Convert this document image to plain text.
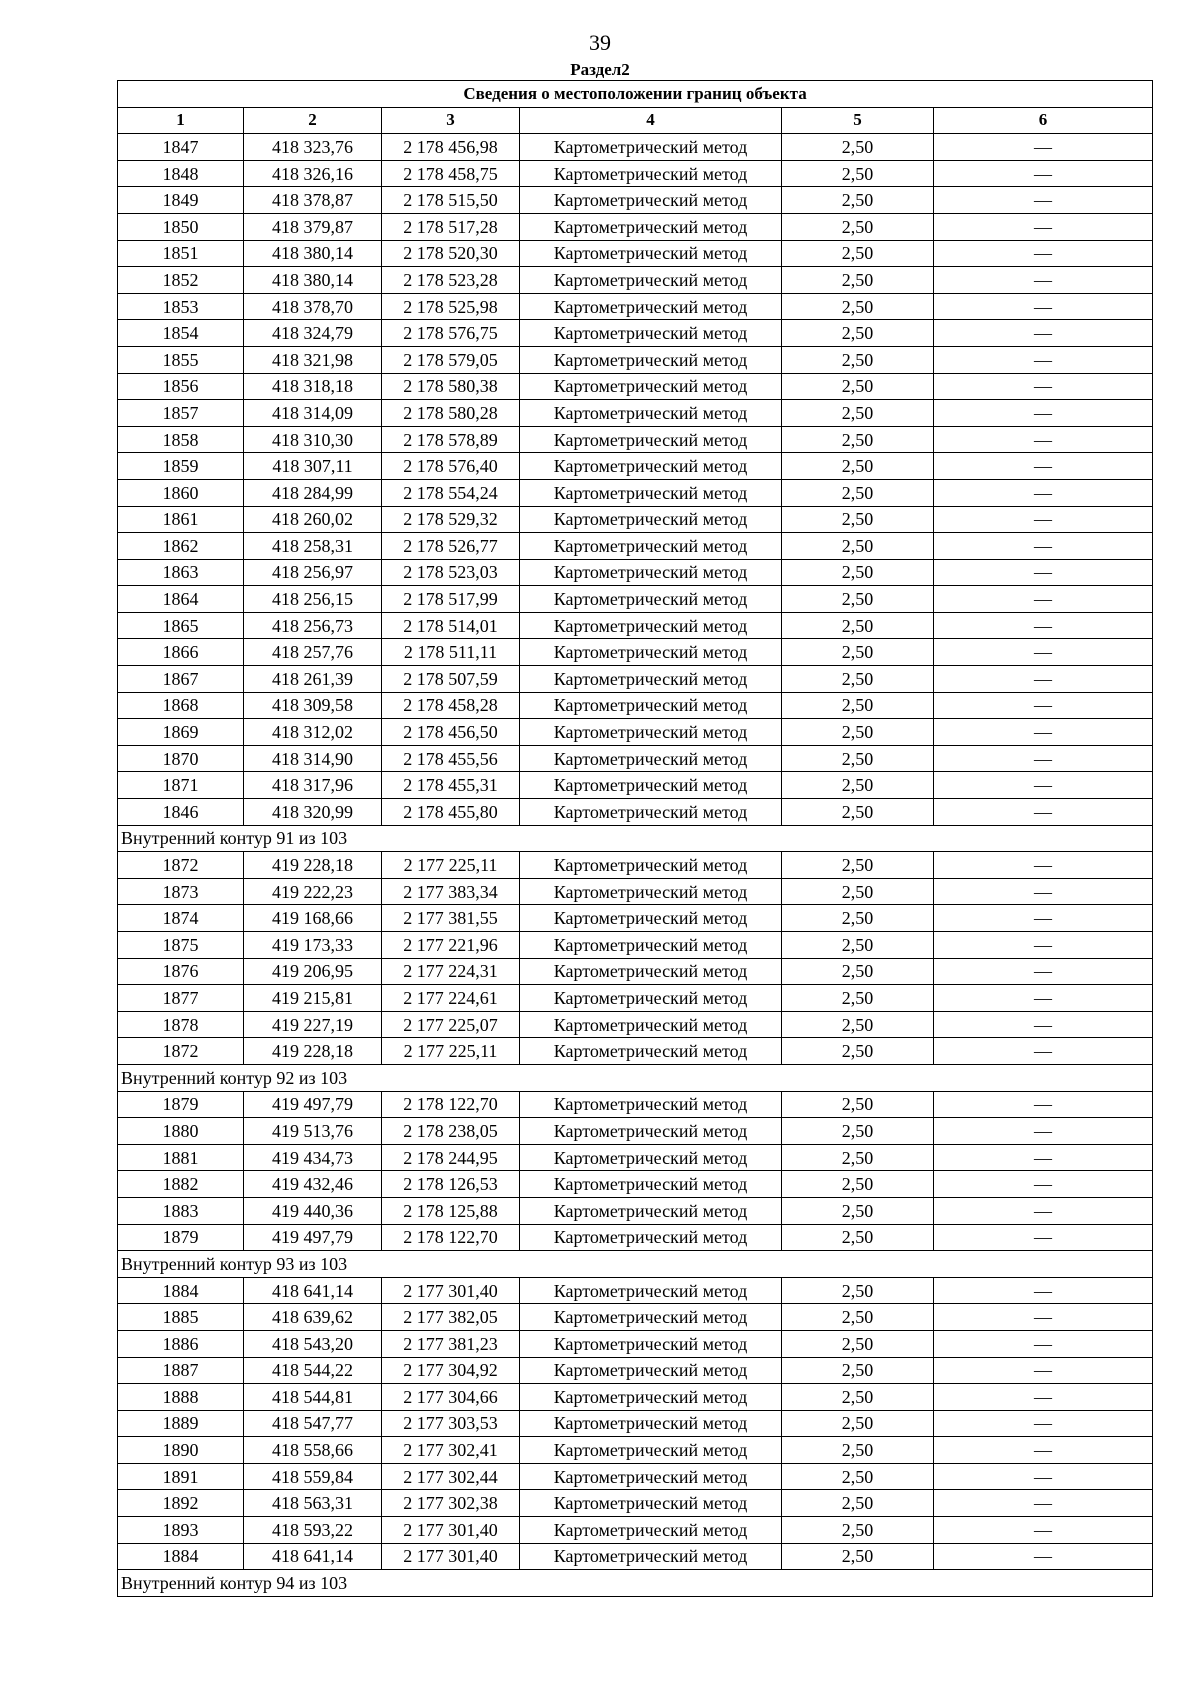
39
Раздел2
Сведения о местоположении границ объекта					
1	2	3	4	5	6
1847	418 323,76	2 178 456,98	Картометрический метод	2,50	—
1848	418 326,16	2 178 458,75	Картометрический метод	2,50	—
1849	418 378,87	2 178 515,50	Картометрический метод	2,50	—
1850	418 379,87	2 178 517,28	Картометрический метод	2,50	—
1851	418 380,14	2 178 520,30	Картометрический метод	2,50	—
1852	418 380,14	2 178 523,28	Картометрический метод	2,50	—
1853	418 378,70	2 178 525,98	Картометрический метод	2,50	—
1854	418 324,79	2 178 576,75	Картометрический метод	2,50	—
1855	418 321,98	2 178 579,05	Картометрический метод	2,50	—
1856	418 318,18	2 178 580,38	Картометрический метод	2,50	—
1857	418 314,09	2 178 580,28	Картометрический метод	2,50	—
1858	418 310,30	2 178 578,89	Картометрический метод	2,50	—
1859	418 307,11	2 178 576,40	Картометрический метод	2,50	—
1860	418 284,99	2 178 554,24	Картометрический метод	2,50	—
1861	418 260,02	2 178 529,32	Картометрический метод	2,50	—
1862	418 258,31	2 178 526,77	Картометрический метод	2,50	—
1863	418 256,97	2 178 523,03	Картометрический метод	2,50	—
1864	418 256,15	2 178 517,99	Картометрический метод	2,50	—
1865	418 256,73	2 178 514,01	Картометрический метод	2,50	—
1866	418 257,76	2 178 511,11	Картометрический метод	2,50	—
1867	418 261,39	2 178 507,59	Картометрический метод	2,50	—
1868	418 309,58	2 178 458,28	Картометрический метод	2,50	—
1869	418 312,02	2 178 456,50	Картометрический метод	2,50	—
1870	418 314,90	2 178 455,56	Картометрический метод	2,50	—
1871	418 317,96	2 178 455,31	Картометрический метод	2,50	—
1846	418 320,99	2 178 455,80	Картометрический метод	2,50	—
Внутренний контур 91 из 103					
1872	419 228,18	2 177 225,11	Картометрический метод	2,50	—
1873	419 222,23	2 177 383,34	Картометрический метод	2,50	—
1874	419 168,66	2 177 381,55	Картометрический метод	2,50	—
1875	419 173,33	2 177 221,96	Картометрический метод	2,50	—
1876	419 206,95	2 177 224,31	Картометрический метод	2,50	—
1877	419 215,81	2 177 224,61	Картометрический метод	2,50	—
1878	419 227,19	2 177 225,07	Картометрический метод	2,50	—
1872	419 228,18	2 177 225,11	Картометрический метод	2,50	—
Внутренний контур 92 из 103					
1879	419 497,79	2 178 122,70	Картометрический метод	2,50	—
1880	419 513,76	2 178 238,05	Картометрический метод	2,50	—
1881	419 434,73	2 178 244,95	Картометрический метод	2,50	—
1882	419 432,46	2 178 126,53	Картометрический метод	2,50	—
1883	419 440,36	2 178 125,88	Картометрический метод	2,50	—
1879	419 497,79	2 178 122,70	Картометрический метод	2,50	—
Внутренний контур 93 из 103					
1884	418 641,14	2 177 301,40	Картометрический метод	2,50	—
1885	418 639,62	2 177 382,05	Картометрический метод	2,50	—
1886	418 543,20	2 177 381,23	Картометрический метод	2,50	—
1887	418 544,22	2 177 304,92	Картометрический метод	2,50	—
1888	418 544,81	2 177 304,66	Картометрический метод	2,50	—
1889	418 547,77	2 177 303,53	Картометрический метод	2,50	—
1890	418 558,66	2 177 302,41	Картометрический метод	2,50	—
1891	418 559,84	2 177 302,44	Картометрический метод	2,50	—
1892	418 563,31	2 177 302,38	Картометрический метод	2,50	—
1893	418 593,22	2 177 301,40	Картометрический метод	2,50	—
1884	418 641,14	2 177 301,40	Картометрический метод	2,50	—
Внутренний контур 94 из 103					
